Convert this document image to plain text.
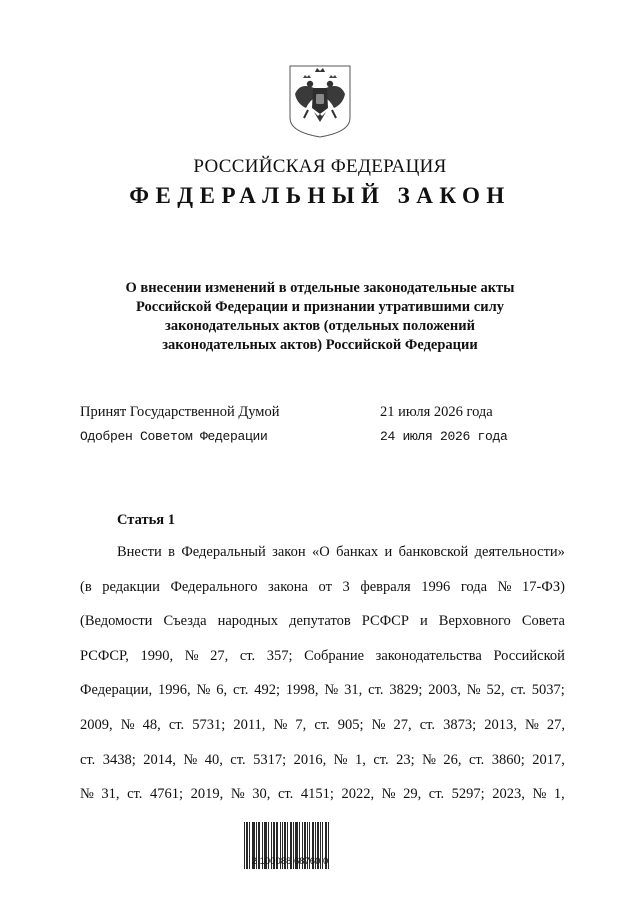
РОССИЙСКАЯ ФЕДЕРАЦИЯ
ФЕДЕРАЛЬНЫЙ ЗАКОН
О внесении изменений в отдельные законодательные акты
Российской Федерации и признании утратившими силу
законодательных актов (отдельных положений
законодательных актов) Российской Федерации
Принят Государственной Думой	21 июля 2026 года
Одобрен Советом Федерации	24 июля 2026 года
Статья 1
Внести в Федеральный закон «О банках и банковской деятельности»
(в редакции Федерального закона от 3 февраля 1996 года № 17-ФЗ)
(Ведомости Съезда народных депутатов РСФСР и Верховного Совета
РСФСР, 1990, № 27, ст. 357; Собрание законодательства Российской
Федерации, 1996, № 6, ст. 492; 1998, № 31, ст. 3829; 2003, № 52, ст. 5037;
2009, № 48, ст. 5731; 2011, № 7, ст. 905; № 27, ст. 3873; 2013, № 27,
ст. 3438; 2014, № 40, ст. 5317; 2016, № 1, ст. 23; № 26, ст. 3860; 2017,
№ 31, ст. 4761; 2019, № 30, ст. 4151; 2022, № 29, ст. 5297; 2023, № 1,
2 100088 68760 0
